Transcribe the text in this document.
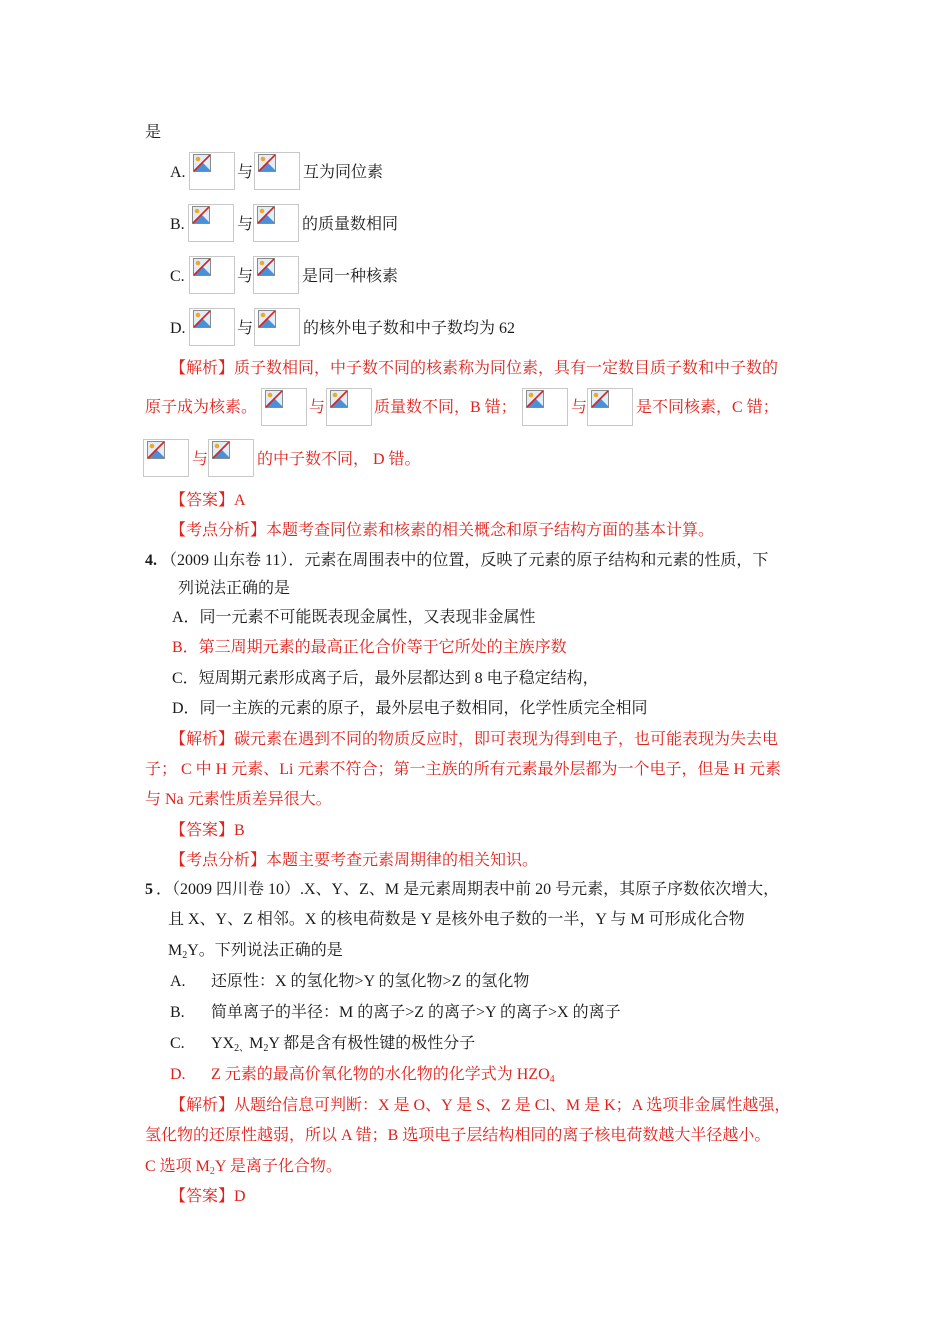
是
A.	与	互为同位素
B.	与	的质量数相同
C.	与	是同一种核素
D.	与	的核外电子数和中子数均为 62
【解析】质子数相同，中子数不同的核素称为同位素，具有一定数目质子数和中子数的
原子成为核素。	与	质量数不同，B 错；	与	是不同核素，C 错；
与	的中子数不同， D 错。
【答案】A
【考点分析】本题考查同位素和核素的相关概念和原子结构方面的基本计算。
4. （2009 山东卷 11）．元素在周围表中的位置，反映了元素的原子结构和元素的性质，下
列说法正确的是
A．同一元素不可能既表现金属性，又表现非金属性
B．第三周期元素的最高正化合价等于它所处的主族序数
C．短周期元素形成离子后，最外层都达到 8 电子稳定结构，
D．同一主族的元素的原子，最外层电子数相同，化学性质完全相同
【解析】碳元素在遇到不同的物质反应时，即可表现为得到电子，也可能表现为失去电
子； C 中 H 元素、Li 元素不符合；第一主族的所有元素最外层都为一个电子，但是 H 元素
与 Na 元素性质差异很大。
【答案】B
【考点分析】本题主要考查元素周期律的相关知识。
5 ．（2009 四川卷 10）.X、Y、Z、M 是元素周期表中前 20 号元素，其原子序数依次增大，
且 X、Y、Z 相邻。X 的核电荷数是 Y 是核外电子数的一半，Y 与 M 可形成化合物
$M_2Y$。下列说法正确的是
A. 还原性：X 的氢化物>Y 的氢化物>Z 的氢化物
B. 简单离子的半径：M 的离子>Z 的离子>Y 的离子>X 的离子
C. $YX_{2、}M_2Y$ 都是含有极性键的极性分子
D. Z 元素的最高价氧化物的水化物的化学式为 $HZO_4$
【解析】从题给信息可判断：X 是 O、Y 是 S、Z 是 Cl、M 是 K；A 选项非金属性越强，
氢化物的还原性越弱，所以 A 错；B 选项电子层结构相同的离子核电荷数越大半径越小。
C 选项 $M_2Y$ 是离子化合物。
【答案】D
